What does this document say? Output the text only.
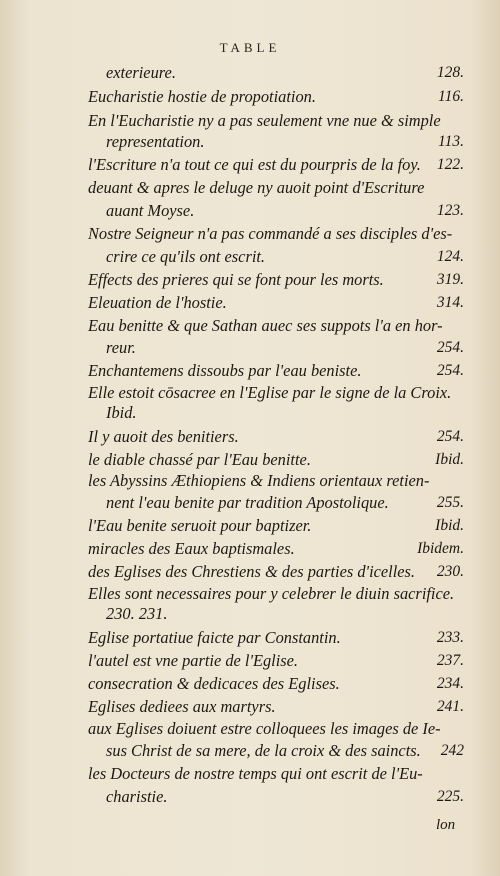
TABLE
exterieure.	128.
Eucharistie hostie de propotiation.	116.
En l'Eucharistie ny a pas seulement vne nue & simple
representation.	113.
l'Escriture n'a tout ce qui est du pourpris de la foy. 122.
deuant & apres le deluge ny auoit point d'Escriture
auant Moyse.	123.
Nostre Seigneur n'a pas commandé a ses disciples d'es-
crire ce qu'ils ont escrit.	124.
Effects des prieres qui se font pour les morts.	319.
Eleuation de l'hostie.	314.
Eau benitte & que Sathan auec ses suppots l'a en hor-
reur.	254.
Enchantemens dissoubs par l'eau beniste.	254.
Elle estoit cōsacree en l'Eglise par le signe de la Croix.
Ibid.
Il y auoit des benitiers.	254.
le diable chassé par l'Eau benitte.	Ibid.
les Abyssins Æthiopiens & Indiens orientaux retien-
nent l'eau benite par tradition Apostolique.	255.
l'Eau benite seruoit pour baptizer.	Ibid.
miracles des Eaux baptismales.	Ibidem.
des Eglises des Chrestiens & des parties d'icelles. 230.
Elles sont necessaires pour y celebrer le diuin sacrifice.
230. 231.
Eglise portatiue faicte par Constantin.	233.
l'autel est vne partie de l'Eglise.	237.
consecration & dedicaces des Eglises.	234.
Eglises dediees aux martyrs.	241.
aux Eglises doiuent estre colloquees les images de Ie-
sus Christ de sa mere, de la croix & des saincts. 242
les Docteurs de nostre temps qui ont escrit de l'Eu-
charistie.	225.
lon
